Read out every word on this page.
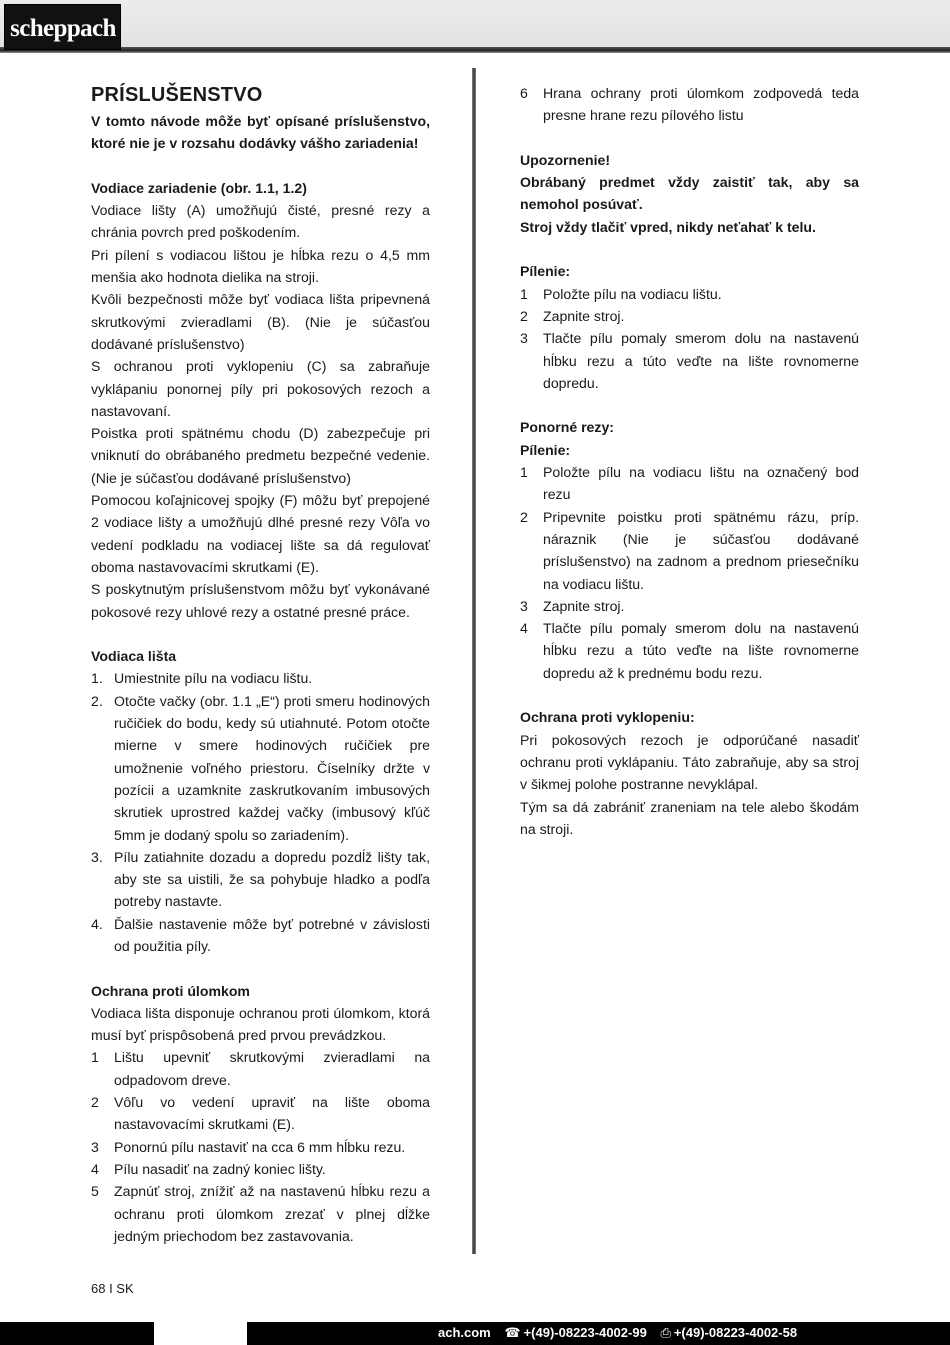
scheppach
PRÍSLUŠENSTVO

V tomto návode môže byť opísané príslušenstvo, ktoré nie je v rozsahu dodávky vášho zariadenia!

Vodiace zariadenie (obr. 1.1, 1.2)

Vodiace lišty (A) umožňujú čisté, presné rezy a chránia povrch pred poškodením.

Pri pílení s vodiacou lištou je hĺbka rezu o 4,5 mm menšia ako hodnota dielika na stroji.

Kvôli bezpečnosti môže byť vodiaca lišta pripevnená skrutkovými zvieradlami (B). (Nie je súčasťou dodávané príslušenstvo)

S ochranou proti vyklopeniu (C) sa zabraňuje vyklápaniu ponornej píly pri pokosových rezoch a nastavovaní.

Poistka proti spätnému chodu (D) zabezpečuje pri vniknutí do obrábaného predmetu bezpečné vedenie. (Nie je súčasťou dodávané príslušenstvo)

Pomocou koľajnicovej spojky (F) môžu byť prepojené 2 vodiace lišty a umožňujú dlhé presné rezy Vôľa vo vedení podkladu na vodiacej lište sa dá regulovať oboma nastavovacími skrutkami (E).

S poskytnutým príslušenstvom môžu byť vykonávané pokosové rezy uhlové rezy a ostatné presné práce.

Vodiaca lišta

1. Umiestnite pílu na vodiacu lištu.
2. Otočte vačky (obr. 1.1 „E“) proti smeru hodinových ručičiek do bodu, kedy sú utiahnuté. Potom otočte mierne v smere hodinových ručičiek pre umožnenie voľného priestoru. Číselníky držte v pozícii a uzamknite zaskrutkovaním imbusových skrutiek uprostred každej vačky (imbusový kľúč 5mm je dodaný spolu so zariadením).
3. Pílu zatiahnite dozadu a dopredu pozdĺž lišty tak, aby ste sa uistili, že sa pohybuje hladko a podľa potreby nastavte.
4. Ďalšie nastavenie môže byť potrebné v závislosti od použitia píly.

Ochrana proti úlomkom

Vodiaca lišta disponuje ochranou proti úlomkom, ktorá musí byť prispôsobená pred prvou prevádzkou.

1 Lištu upevniť skrutkovými zvieradlami na odpadovom dreve.
2 Vôľu vo vedení upraviť na lište oboma nastavovacími skrutkami (E).
3 Ponornú pílu nastaviť na cca 6 mm hĺbku rezu.
4 Pílu nasadiť na zadný koniec lišty.
5 Zapnúť stroj, znížiť až na nastavenú hĺbku rezu a ochranu proti úlomkom zrezať v plnej dĺžke jedným priechodom bez zastavovania.
6 Hrana ochrany proti úlomkom zodpovedá teda presne hrane rezu pílového listu

Upozornenie!

Obrábaný predmet vždy zaistiť tak, aby sa nemohol posúvať.

Stroj vždy tlačiť vpred, nikdy neťahať k telu.

Pílenie:

1 Položte pílu na vodiacu lištu.
2 Zapnite stroj.
3 Tlačte pílu pomaly smerom dolu na nastavenú hĺbku rezu a túto veďte na lište rovnomerne dopredu.

Ponorné rezy:

Pílenie:

1 Položte pílu na vodiacu lištu na označený bod rezu
2 Pripevnite poistku proti spätnému rázu, príp. náraznik (Nie je súčasťou dodávané príslušenstvo) na zadnom a prednom priesečníku na vodiacu lištu.
3 Zapnite stroj.
4 Tlačte pílu pomaly smerom dolu na nastavenú hĺbku rezu a túto veďte na lište rovnomerne dopredu až k prednému bodu rezu.

Ochrana proti vyklopeniu:

Pri pokosových rezoch je odporúčané nasadiť ochranu proti vyklápaniu. Táto zabraňuje, aby sa stroj v šikmej polohe postranne nevyklápal.

Tým sa dá zabrániť zraneniam na tele alebo škodám na stroji.

68 I SK
ach.com ☎ +(49)-08223-4002-99 ⎙ +(49)-08223-4002-58
